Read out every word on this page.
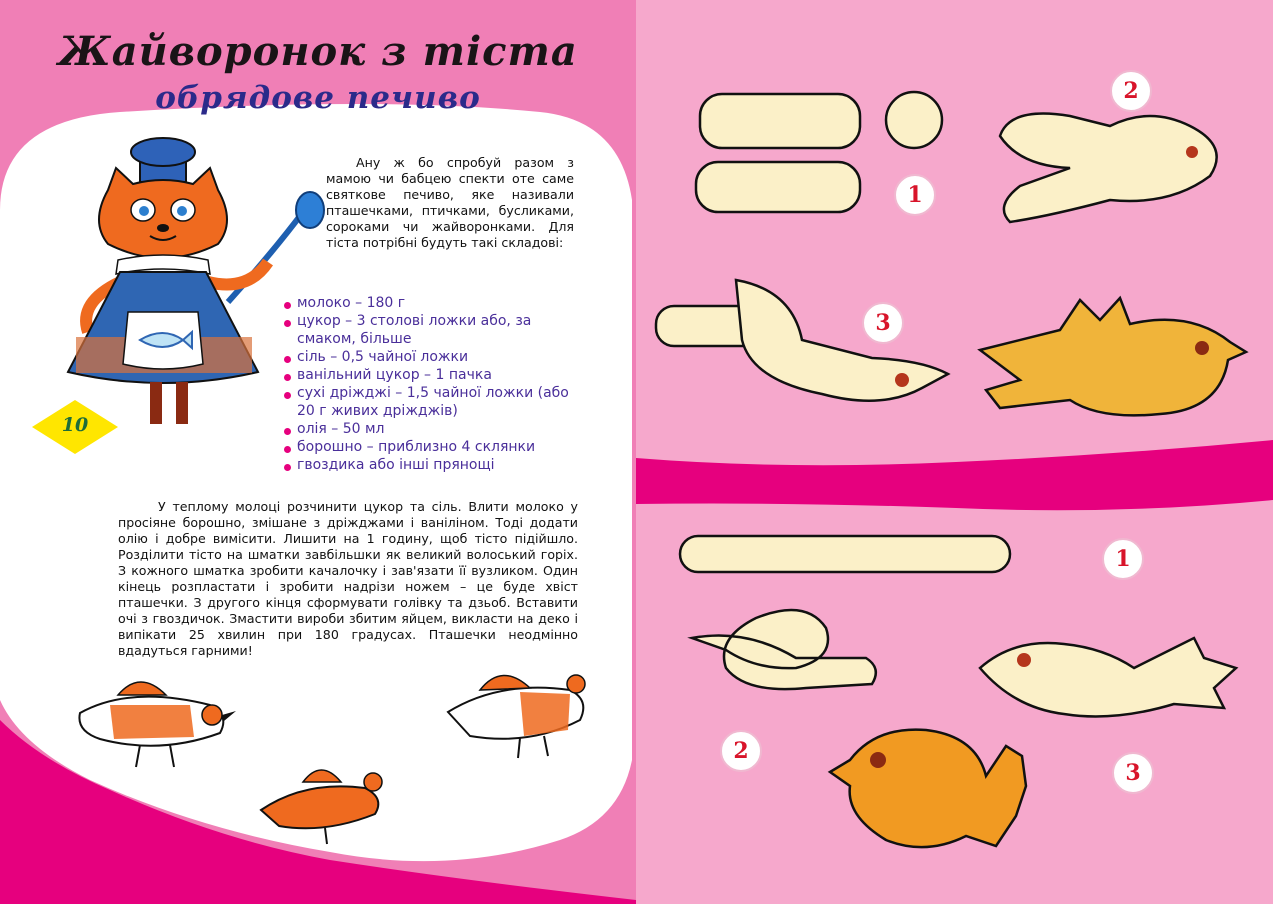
Жайворонок з тіста
обрядове печиво

Ану ж бо спробуй разом з мамою чи бабцею спекти оте саме святкове печиво, яке називали пташечками, птичками, бусликами, сороками чи жайворонками. Для тіста потрібні будуть такі складові:

молоко – 180 г
цукор – 3 столові ложки або, за смаком, більше
сіль – 0,5 чайної ложки
ванільний цукор – 1 пачка
сухі дріжджі – 1,5 чайної ложки (або 20 г живих дріжджів)
олія – 50 мл
борошно – приблизно 4 склянки
гвоздика або інші прянощі
10

У теплому молоці розчинити цукор та сіль. Влити молоко у просіяне борошно, змішане з дріжджами і ваніліном. Тоді додати олію і добре вимісити. Лишити на 1 годину, щоб тісто підійшло. Розділити тісто на шматки завбільшки як великий волоський горіх. З кожного шматка зробити качалочку і зав'язати її вузликом. Один кінець розпластати і зробити надрізи ножем – це буде хвіст пташечки. З другого кінця сформувати голівку та дзьоб. Вставити очі з гвоздичок. Змастити вироби збитим яйцем, викласти на деко і випікати 25 хвилин при 180 градусах. Пташечки неодмінно вдадуться гарними!

1
2
3
1
2
3
